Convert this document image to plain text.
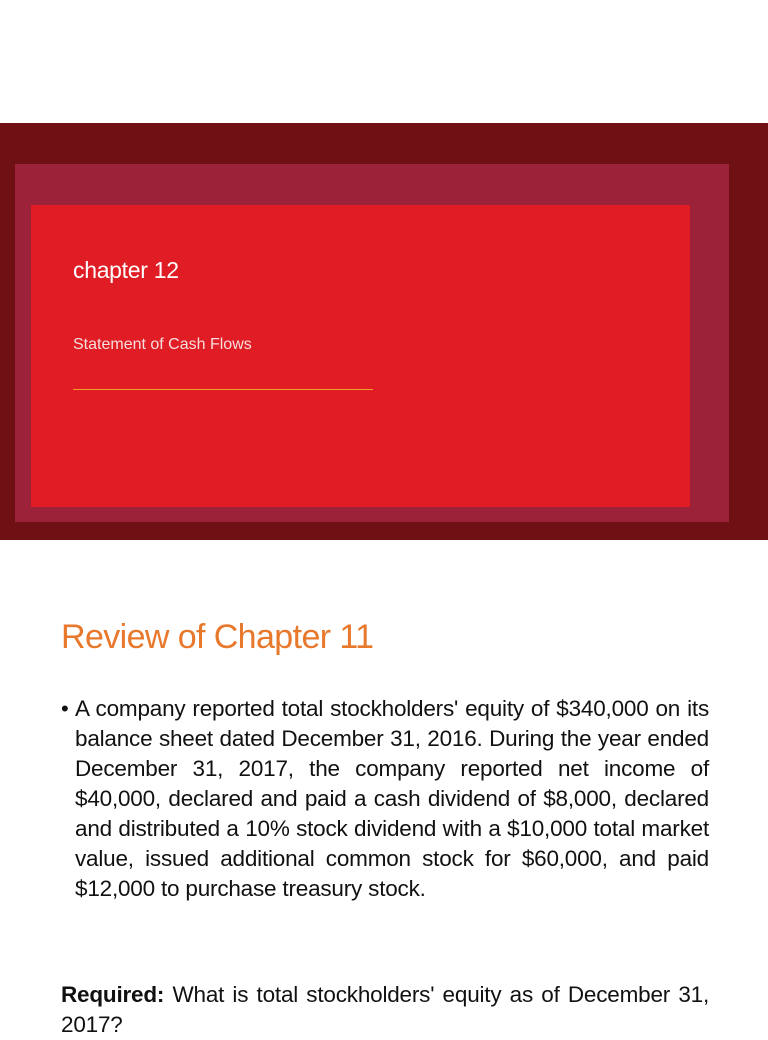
chapter 12
Statement of Cash Flows
Review of Chapter 11
• A company reported total stockholders' equity of $340,000 on its balance sheet dated December 31, 2016. During the year ended December 31, 2017, the company reported net income of $40,000, declared and paid a cash dividend of $8,000, declared and distributed a 10% stock dividend with a $10,000 total market value, issued additional common stock for $60,000, and paid $12,000 to purchase treasury stock.
Required: What is total stockholders' equity as of December 31, 2017?
